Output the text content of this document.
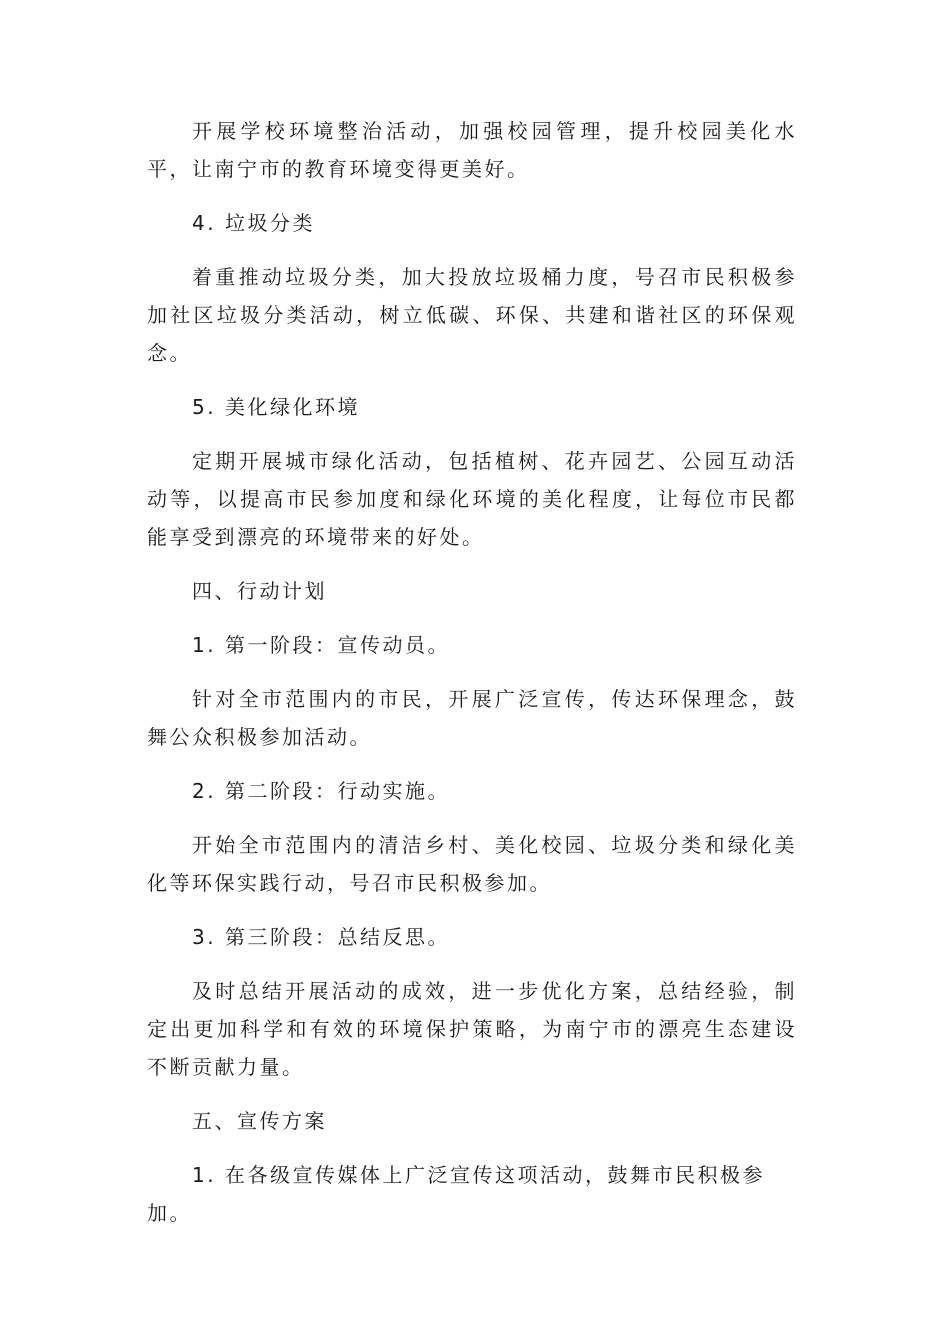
开展学校环境整治活动，加强校园管理，提升校园美化水平，让南宁市的教育环境变得更美好。

4. 垃圾分类

着重推动垃圾分类，加大投放垃圾桶力度，号召市民积极参加社区垃圾分类活动，树立低碳、环保、共建和谐社区的环保观念。

5. 美化绿化环境

定期开展城市绿化活动，包括植树、花卉园艺、公园互动活动等，以提高市民参加度和绿化环境的美化程度，让每位市民都能享受到漂亮的环境带来的好处。

四、行动计划

1. 第一阶段：宣传动员。

针对全市范围内的市民，开展广泛宣传，传达环保理念，鼓舞公众积极参加活动。

2. 第二阶段：行动实施。

开始全市范围内的清洁乡村、美化校园、垃圾分类和绿化美化等环保实践行动，号召市民积极参加。

3. 第三阶段：总结反思。

及时总结开展活动的成效，进一步优化方案，总结经验，制定出更加科学和有效的环境保护策略，为南宁市的漂亮生态建设不断贡献力量。

五、宣传方案

1. 在各级宣传媒体上广泛宣传这项活动，鼓舞市民积极参加。
